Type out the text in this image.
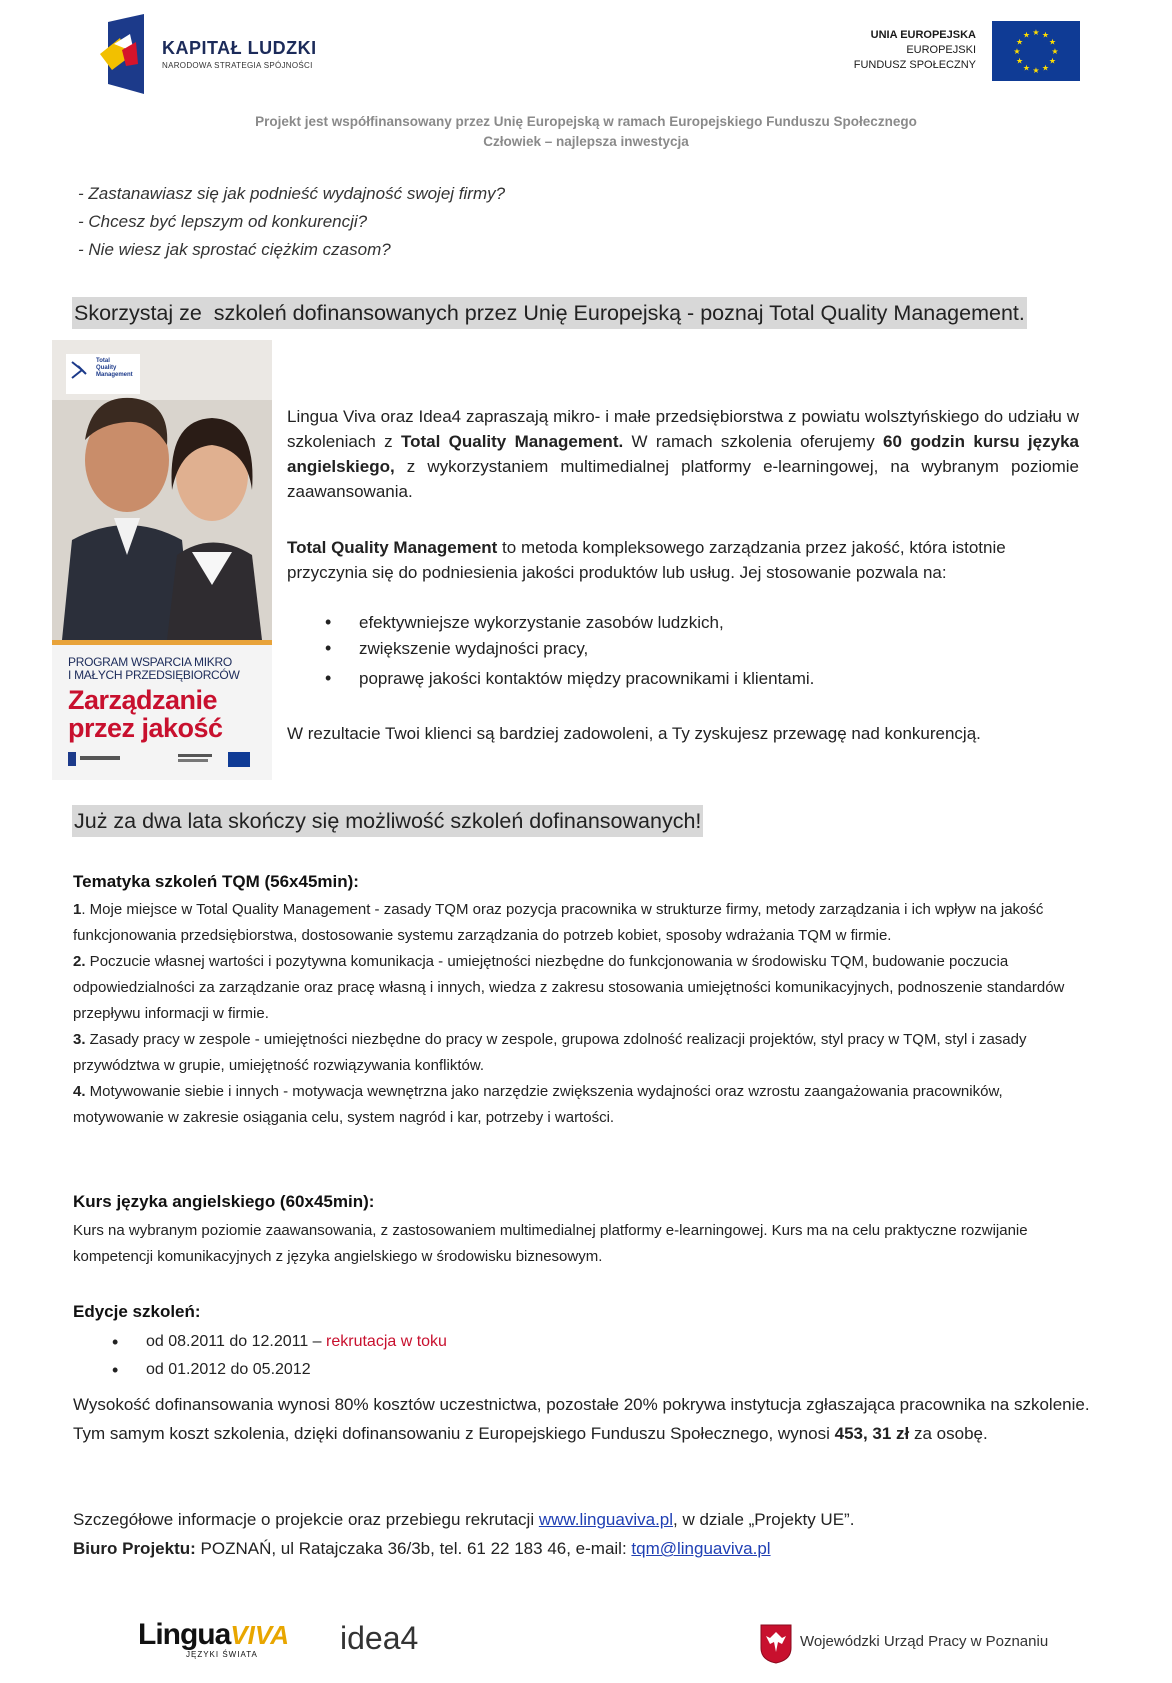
KAPITAŁ LUDZKI
NARODOWA STRATEGIA SPÓJNOŚCI
UNIA EUROPEJSKA
EUROPEJSKI
FUNDUSZ SPOŁECZNY
★
★
★
★
★
★
★
★
★ ★ ★
★
Projekt jest współfinansowany przez Unię Europejską w ramach Europejskiego Funduszu Społecznego
Człowiek – najlepsza inwestycja
- Zastanawiasz się jak podnieść wydajność swojej firmy?
- Chcesz być lepszym od konkurencji?
- Nie wiesz jak sprostać ciężkim czasom?
Skorzystaj ze  szkoleń dofinansowanych przez Unię Europejską - poznaj Total Quality Management.
Total
Quality
Management
PROGRAM WSPARCIA MIKRO
I MAŁYCH PRZEDSIĘBIORCÓW
Zarządzanie
przez jakość
Lingua Viva oraz Idea4 zapraszają mikro- i małe przedsiębiorstwa z powiatu wolsztyńskiego do udziału w szkoleniach z Total Quality Management. W ramach szkolenia oferujemy 60 godzin kursu języka angielskiego, z wykorzystaniem multimedialnej platformy e-learningowej, na wybranym poziomie zaawansowania.
Total Quality Management to metoda kompleksowego zarządzania przez jakość, która istotnie przyczynia się do podniesienia jakości produktów lub usług. Jej stosowanie pozwala na:
• efektywniejsze wykorzystanie zasobów ludzkich,
• zwiększenie wydajności pracy,
• poprawę jakości kontaktów między pracownikami i klientami.
W rezultacie Twoi klienci są bardziej zadowoleni, a Ty zyskujesz przewagę nad konkurencją.
Już za dwa lata skończy się możliwość szkoleń dofinansowanych!
Tematyka szkoleń TQM (56x45min):
1. Moje miejsce w Total Quality Management - zasady TQM oraz pozycja pracownika w strukturze firmy, metody zarządzania i ich wpływ na jakość funkcjonowania przedsiębiorstwa, dostosowanie systemu zarządzania do potrzeb kobiet, sposoby wdrażania TQM w firmie.
2. Poczucie własnej wartości i pozytywna komunikacja - umiejętności niezbędne do funkcjonowania w środowisku TQM, budowanie poczucia odpowiedzialności za zarządzanie oraz pracę własną i innych, wiedza z zakresu stosowania umiejętności komunikacyjnych, podnoszenie standardów przepływu informacji w firmie.
3. Zasady pracy w zespole - umiejętności niezbędne do pracy w zespole, grupowa zdolność realizacji projektów, styl pracy w TQM, styl i zasady przywództwa w grupie, umiejętność rozwiązywania konfliktów.
4. Motywowanie siebie i innych - motywacja wewnętrzna jako narzędzie zwiększenia wydajności oraz wzrostu zaangażowania pracowników, motywowanie w zakresie osiągania celu, system nagród i kar, potrzeby i wartości.
Kurs języka angielskiego (60x45min):
Kurs na wybranym poziomie zaawansowania, z zastosowaniem multimedialnej platformy e-learningowej. Kurs ma na celu praktyczne rozwijanie kompetencji komunikacyjnych z języka angielskiego w środowisku biznesowym.
Edycje szkoleń:
• od 08.2011 do 12.2011 – rekrutacja w toku
• od 01.2012 do 05.2012
Wysokość dofinansowania wynosi 80% kosztów uczestnictwa, pozostałe 20% pokrywa instytucja zgłaszająca pracownika na szkolenie. Tym samym koszt szkolenia, dzięki dofinansowaniu z Europejskiego Funduszu Społecznego, wynosi 453, 31 zł za osobę.
Szczegółowe informacje o projekcie oraz przebiegu rekrutacji www.linguaviva.pl, w dziale „Projekty UE”.
Biuro Projektu: POZNAŃ, ul Ratajczaka 36/3b, tel. 61 22 183 46, e-mail: tqm@linguaviva.pl
LinguaVIVA
JĘZYKI ŚWIATA	idea4	Wojewódzki Urząd Pracy w Poznaniu
